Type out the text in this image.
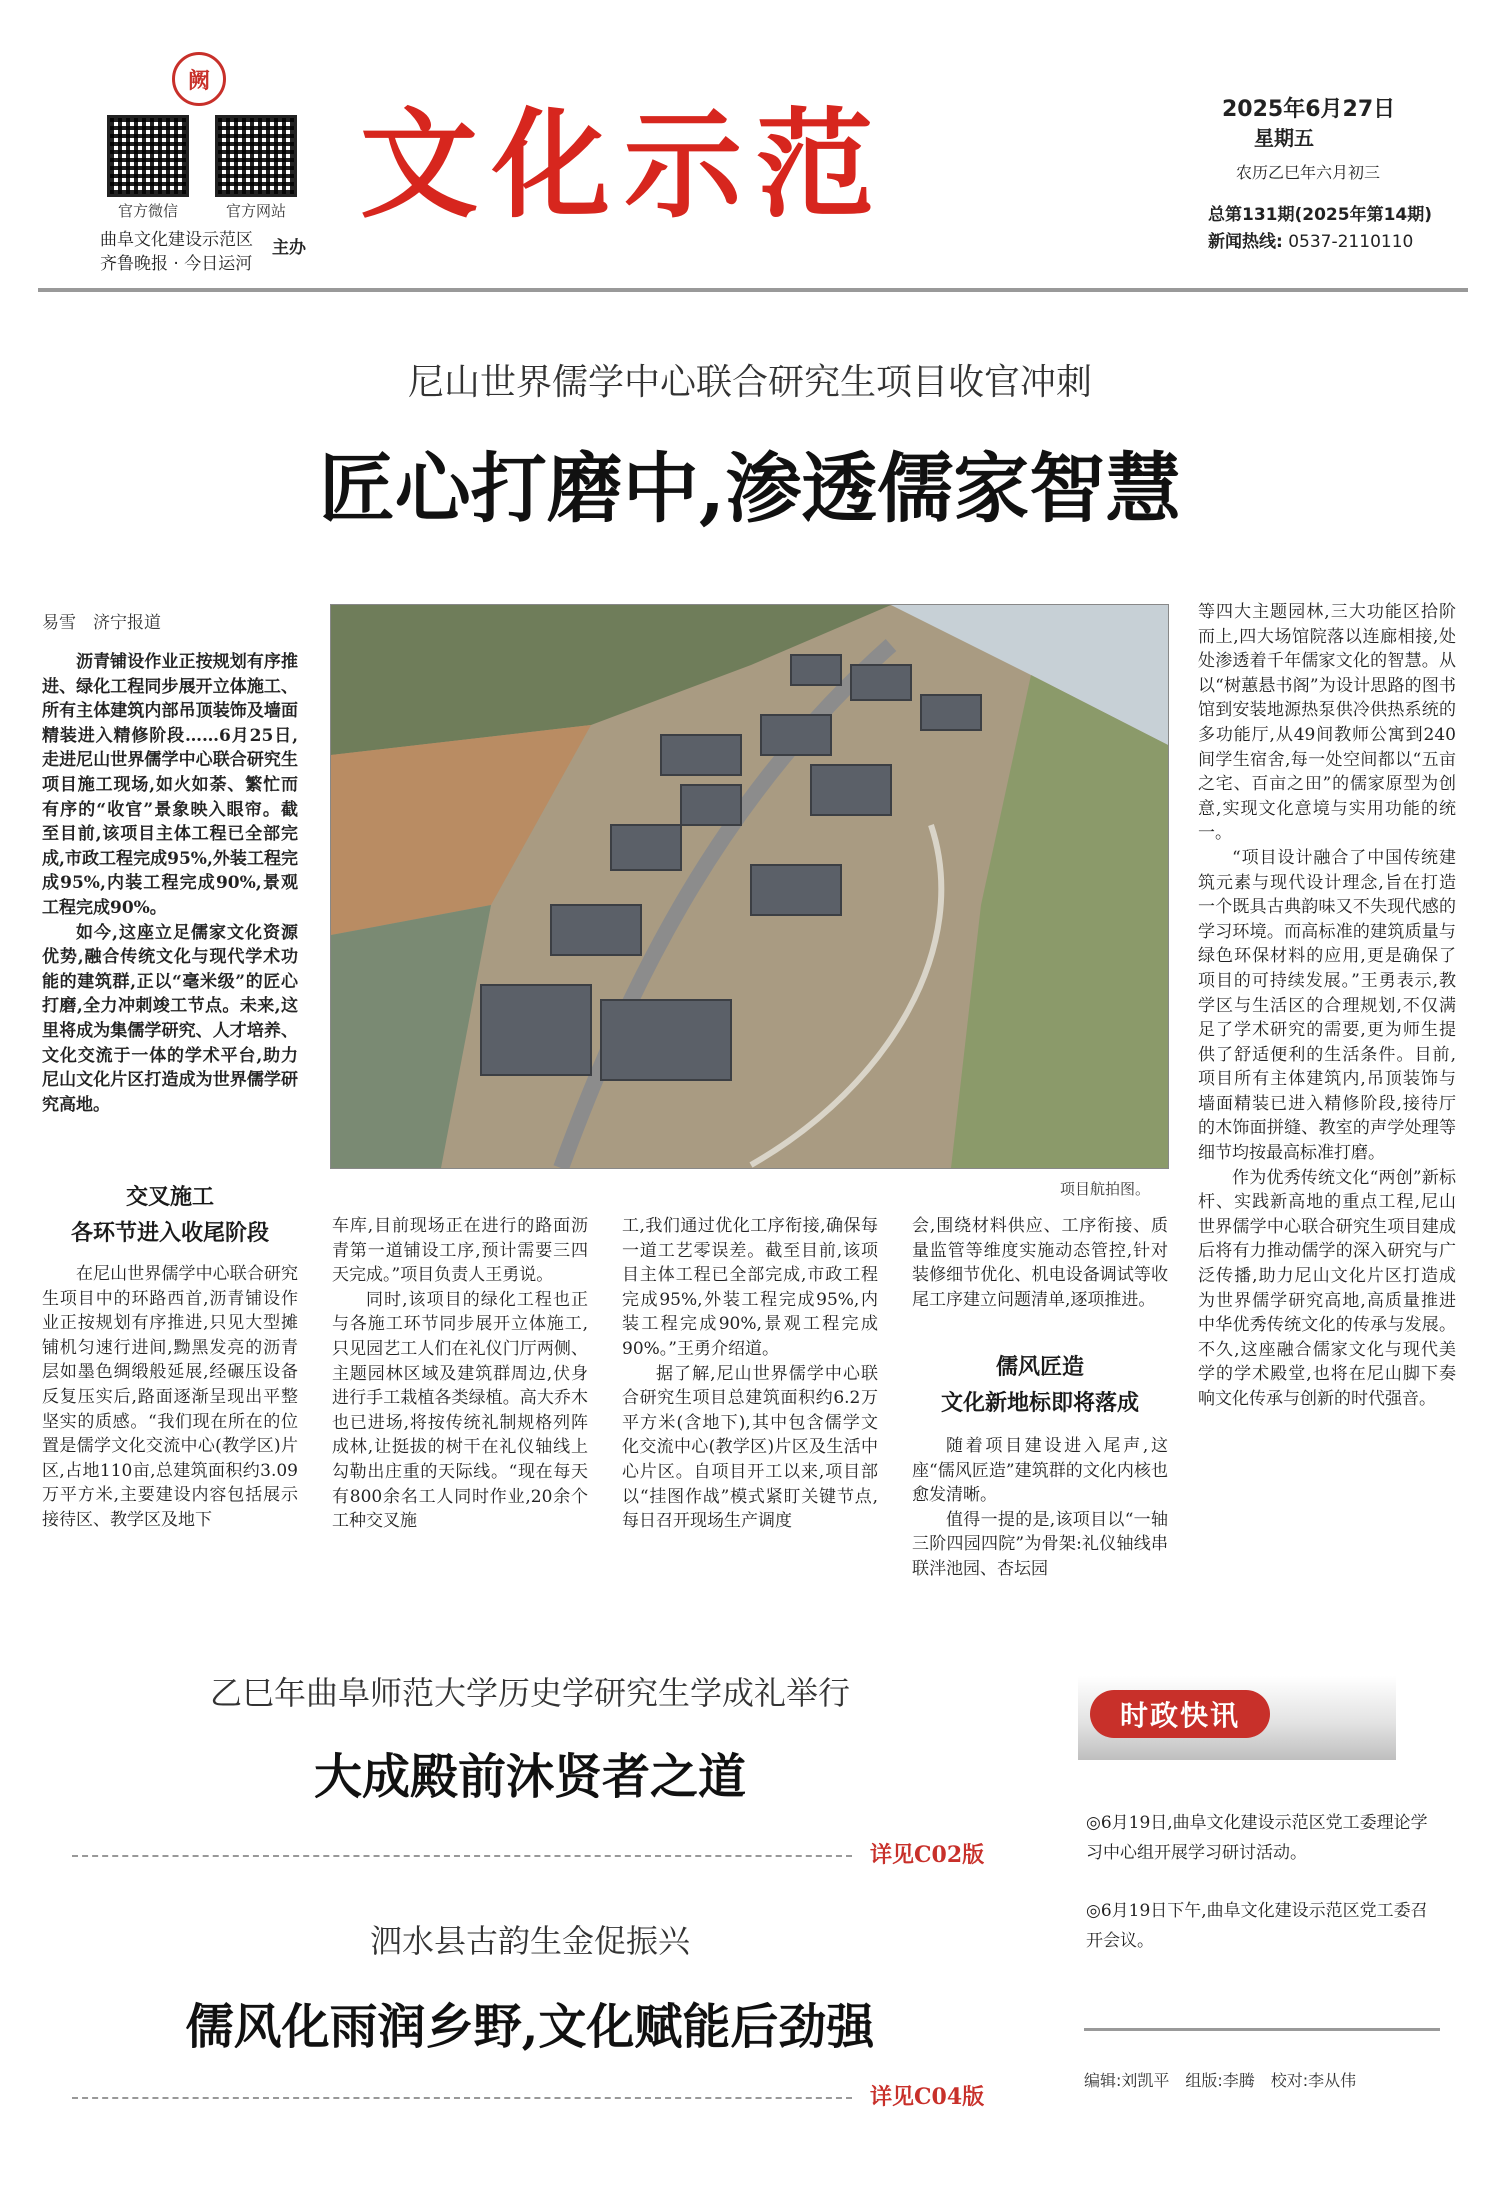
阙
官方微信	官方网站
曲阜文化建设示范区
齐鲁晚报 · 今日运河
主办
文化示范	2025年6月27日
星期五
农历乙巳年六月初三
总第131期(2025年第14期)
新闻热线: 0537-2110110
尼山世界儒学中心联合研究生项目收官冲刺
匠心打磨中,渗透儒家智慧
易雪　济宁报道

沥青铺设作业正按规划有序推进、绿化工程同步展开立体施工、所有主体建筑内部吊顶装饰及墙面精装进入精修阶段……6月25日,走进尼山世界儒学中心联合研究生项目施工现场,如火如荼、繁忙而有序的“收官”景象映入眼帘。截至目前,该项目主体工程已全部完成,市政工程完成95%,外装工程完成95%,内装工程完成90%,景观工程完成90%。

如今,这座立足儒家文化资源优势,融合传统文化与现代学术功能的建筑群,正以“毫米级”的匠心打磨,全力冲刺竣工节点。未来,这里将成为集儒学研究、人才培养、文化交流于一体的学术平台,助力尼山文化片区打造成为世界儒学研究高地。

项目航拍图。

等四大主题园林,三大功能区拾阶而上,四大场馆院落以连廊相接,处处渗透着千年儒家文化的智慧。从以“树蕙悬书阁”为设计思路的图书馆到安装地源热泵供冷供热系统的多功能厅,从49间教师公寓到240间学生宿舍,每一处空间都以“五亩之宅、百亩之田”的儒家原型为创意,实现文化意境与实用功能的统一。

“项目设计融合了中国传统建筑元素与现代设计理念,旨在打造一个既具古典韵味又不失现代感的学习环境。而高标准的建筑质量与绿色环保材料的应用,更是确保了项目的可持续发展。”王勇表示,教学区与生活区的合理规划,不仅满足了学术研究的需要,更为师生提供了舒适便利的生活条件。目前,项目所有主体建筑内,吊顶装饰与墙面精装已进入精修阶段,接待厅的木饰面拼缝、教室的声学处理等细节均按最高标准打磨。

作为优秀传统文化“两创”新标杆、实践新高地的重点工程,尼山世界儒学中心联合研究生项目建成后将有力推动儒学的深入研究与广泛传播,助力尼山文化片区打造成为世界儒学研究高地,高质量推进中华优秀传统文化的传承与发展。不久,这座融合儒家文化与现代美学的学术殿堂,也将在尼山脚下奏响文化传承与创新的时代强音。

交叉施工
各环节进入收尾阶段

在尼山世界儒学中心联合研究生项目中的环路西首,沥青铺设作业正按规划有序推进,只见大型摊铺机匀速行进间,黝黑发亮的沥青层如墨色绸缎般延展,经碾压设备反复压实后,路面逐渐呈现出平整坚实的质感。“我们现在所在的位置是儒学文化交流中心(教学区)片区,占地110亩,总建筑面积约3.09万平方米,主要建设内容包括展示接待区、教学区及地下

车库,目前现场正在进行的路面沥青第一道铺设工序,预计需要三四天完成。”项目负责人王勇说。

同时,该项目的绿化工程也正与各施工环节同步展开立体施工,只见园艺工人们在礼仪门厅两侧、主题园林区域及建筑群周边,伏身进行手工栽植各类绿植。高大乔木也已进场,将按传统礼制规格列阵成林,让挺拔的树干在礼仪轴线上勾勒出庄重的天际线。“现在每天有800余名工人同时作业,20余个工种交叉施

工,我们通过优化工序衔接,确保每一道工艺零误差。截至目前,该项目主体工程已全部完成,市政工程完成95%,外装工程完成95%,内装工程完成90%,景观工程完成90%。”王勇介绍道。

据了解,尼山世界儒学中心联合研究生项目总建筑面积约6.2万平方米(含地下),其中包含儒学文化交流中心(教学区)片区及生活中心片区。自项目开工以来,项目部以“挂图作战”模式紧盯关键节点,每日召开现场生产调度

会,围绕材料供应、工序衔接、质量监管等维度实施动态管控,针对装修细节优化、机电设备调试等收尾工序建立问题清单,逐项推进。

儒风匠造
文化新地标即将落成

随着项目建设进入尾声,这座“儒风匠造”建筑群的文化内核也愈发清晰。

值得一提的是,该项目以“一轴三阶四园四院”为骨架:礼仪轴线串联泮池园、杏坛园

乙巳年曲阜师范大学历史学研究生学成礼举行
大成殿前沐贤者之道
详见C02版
泗水县古韵生金促振兴
儒风化雨润乡野,文化赋能后劲强
详见C04版
时政快讯
◎6月19日,曲阜文化建设示范区党工委理论学习中心组开展学习研讨活动。
◎6月19日下午,曲阜文化建设示范区党工委召开会议。
编辑:刘凯平　组版:李腾　校对:李从伟
